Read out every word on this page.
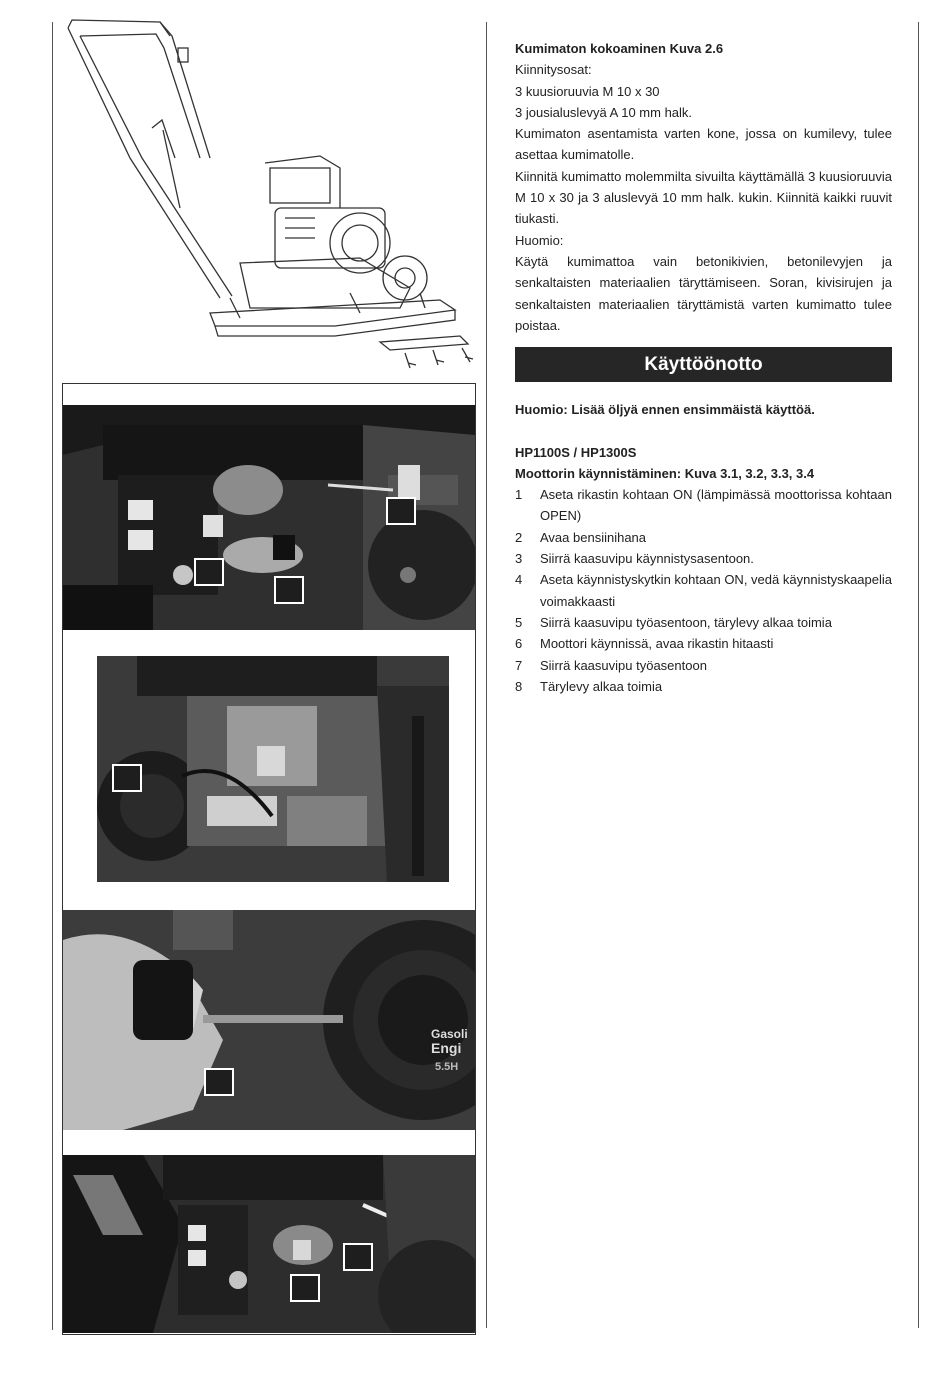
Gasoli
Engi
5.5H

Kumimaton kokoaminen Kuva 2.6

Kiinnitysosat:

3 kuusioruuvia M 10 x 30

3 jousialuslevyä A 10 mm halk.

Kumimaton asentamista varten kone, jossa on kumilevy, tulee asettaa kumimatolle.

Kiinnitä kumimatto molemmilta sivuilta käyttämällä 3 kuusioruuvia M 10 x 30 ja 3 aluslevyä 10 mm halk. kukin. Kiinnitä kaikki ruuvit tiukasti.

Huomio:

Käytä kumimattoa vain betonikivien, betonilevyjen ja senkaltaisten materiaalien täryttämiseen. Soran, kivisirujen ja senkaltaisten materiaalien täryttämistä varten kumimatto tulee poistaa.

Käyttöönotto

Huomio: Lisää öljyä ennen ensimmäistä käyttöä.

HP1100S / HP1300S

Moottorin käynnistäminen: Kuva 3.1, 3.2, 3.3, 3.4

1 Aseta rikastin kohtaan ON (lämpimässä moottorissa kohtaan OPEN)
2 Avaa bensiinihana
3 Siirrä kaasuvipu käynnistysasentoon.
4 Aseta käynnistyskytkin kohtaan ON, vedä käynnistyskaapelia voimakkaasti
5 Siirrä kaasuvipu työasentoon, tärylevy alkaa toimia
6 Moottori käynnissä, avaa rikastin hitaasti
7 Siirrä kaasuvipu työasentoon
8 Tärylevy alkaa toimia
